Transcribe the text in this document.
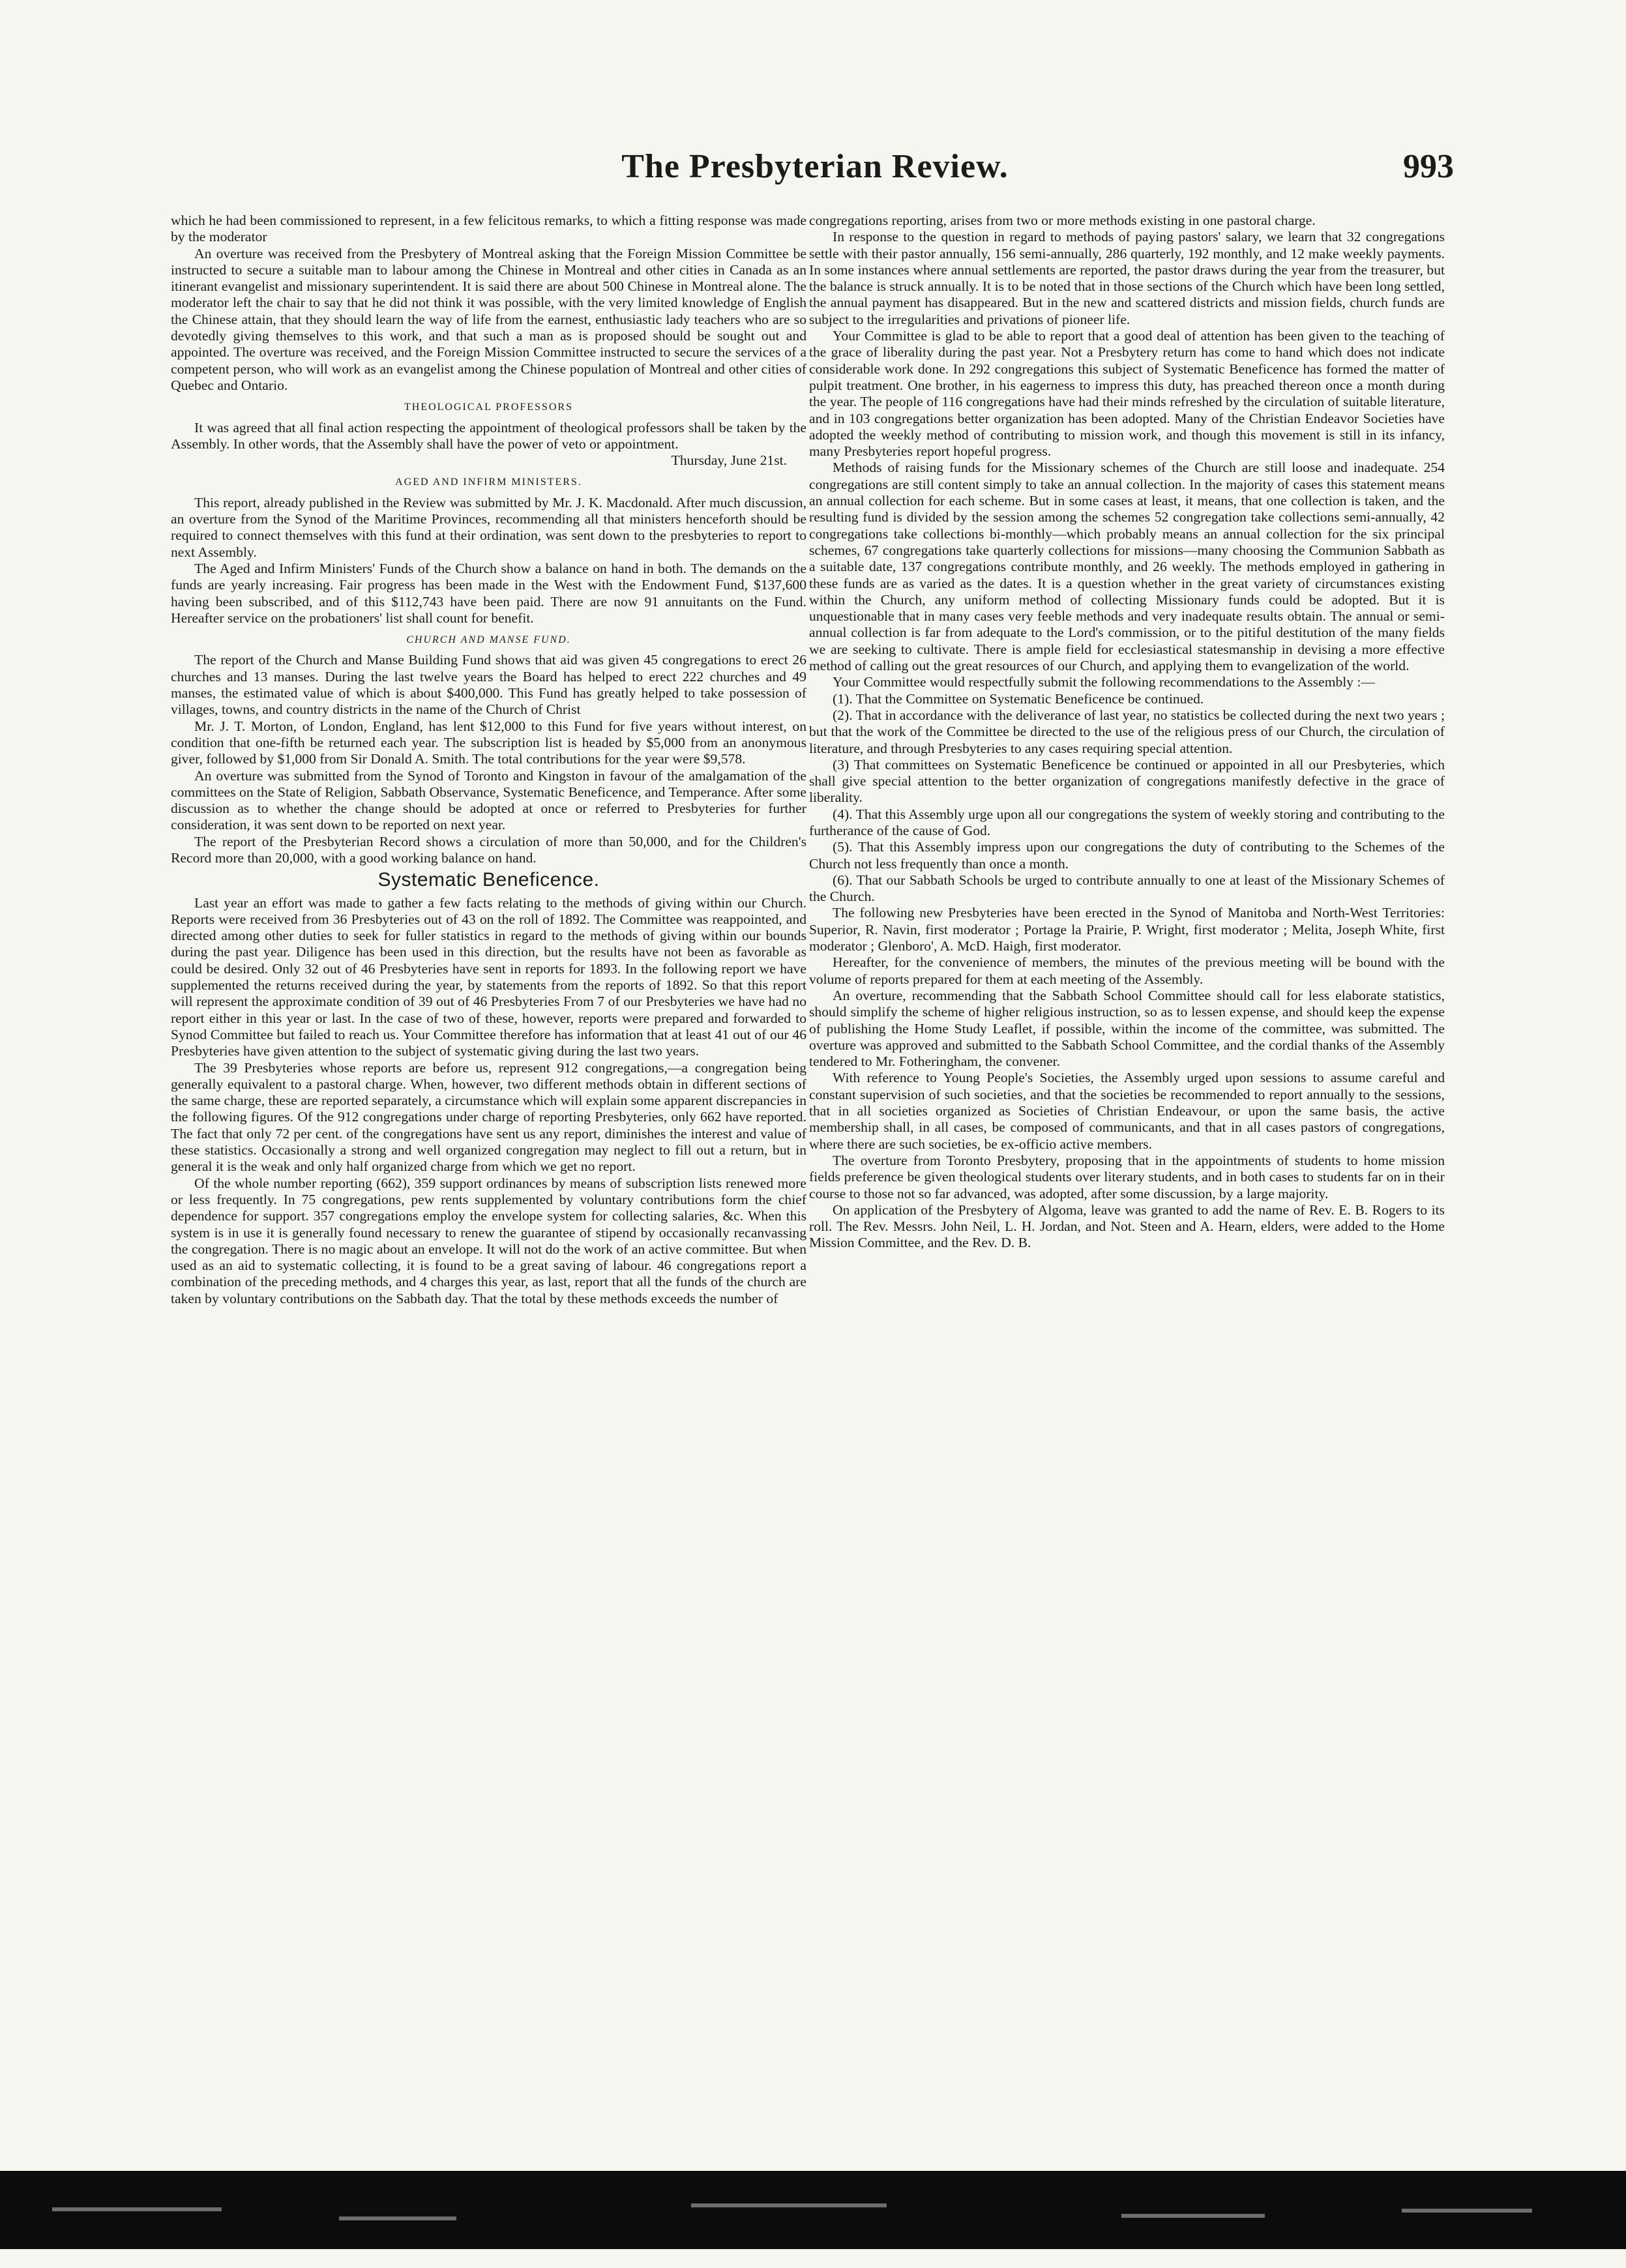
The Presbyterian Review.	993

which he had been commissioned to represent, in a few felicitous remarks, to which a fitting response was made by the moderator

An overture was received from the Presbytery of Montreal asking that the Foreign Mission Committee be instructed to secure a suitable man to labour among the Chinese in Montreal and other cities in Canada as an itinerant evangelist and missionary superintendent. It is said there are about 500 Chinese in Montreal alone. The moderator left the chair to say that he did not think it was possible, with the very limited knowledge of English the Chinese attain, that they should learn the way of life from the earnest, enthusiastic lady teachers who are so devotedly giving themselves to this work, and that such a man as is proposed should be sought out and appointed. The overture was received, and the Foreign Mission Committee instructed to secure the services of a competent person, who will work as an evangelist among the Chinese population of Montreal and other cities of Quebec and Ontario.

THEOLOGICAL PROFESSORS

It was agreed that all final action respecting the appointment of theological professors shall be taken by the Assembly. In other words, that the Assembly shall have the power of veto or appointment.

Thursday, June 21st.

AGED AND INFIRM MINISTERS.

This report, already published in the Review was submitted by Mr. J. K. Macdonald. After much discussion, an overture from the Synod of the Maritime Provinces, recommending all that ministers henceforth should be required to connect themselves with this fund at their ordination, was sent down to the presbyteries to report to next Assembly.

The Aged and Infirm Ministers' Funds of the Church show a balance on hand in both. The demands on the funds are yearly increasing. Fair progress has been made in the West with the Endowment Fund, $137,600 having been subscribed, and of this $112,743 have been paid. There are now 91 annuitants on the Fund. Hereafter service on the probationers' list shall count for benefit.

CHURCH AND MANSE FUND.

The report of the Church and Manse Building Fund shows that aid was given 45 congregations to erect 26 churches and 13 manses. During the last twelve years the Board has helped to erect 222 churches and 49 manses, the estimated value of which is about $400,000. This Fund has greatly helped to take possession of villages, towns, and country districts in the name of the Church of Christ

Mr. J. T. Morton, of London, England, has lent $12,000 to this Fund for five years without interest, on condition that one-fifth be returned each year. The subscription list is headed by $5,000 from an anonymous giver, followed by $1,000 from Sir Donald A. Smith. The total contributions for the year were $9,578.

An overture was submitted from the Synod of Toronto and Kingston in favour of the amalgamation of the committees on the State of Religion, Sabbath Observance, Systematic Beneficence, and Temperance. After some discussion as to whether the change should be adopted at once or referred to Presbyteries for further consideration, it was sent down to be reported on next year.

The report of the Presbyterian Record shows a circulation of more than 50,000, and for the Children's Record more than 20,000, with a good working balance on hand.

Systematic Beneficence.

Last year an effort was made to gather a few facts relating to the methods of giving within our Church. Reports were received from 36 Presbyteries out of 43 on the roll of 1892. The Committee was reappointed, and directed among other duties to seek for fuller statistics in regard to the methods of giving within our bounds during the past year. Diligence has been used in this direction, but the results have not been as favorable as could be desired. Only 32 out of 46 Presbyteries have sent in reports for 1893. In the following report we have supplemented the returns received during the year, by statements from the reports of 1892. So that this report will represent the approximate condition of 39 out of 46 Presbyteries From 7 of our Presbyteries we have had no report either in this year or last. In the case of two of these, however, reports were prepared and forwarded to Synod Committee but failed to reach us. Your Committee therefore has information that at least 41 out of our 46 Presbyteries have given attention to the subject of systematic giving during the last two years.

The 39 Presbyteries whose reports are before us, represent 912 congregations,—a congregation being generally equivalent to a pastoral charge. When, however, two different methods obtain in different sections of the same charge, these are reported separately, a circumstance which will explain some apparent discrepancies in the following figures. Of the 912 congregations under charge of reporting Presbyteries, only 662 have reported. The fact that only 72 per cent. of the congregations have sent us any report, diminishes the interest and value of these statistics. Occasionally a strong and well organized congregation may neglect to fill out a return, but in general it is the weak and only half organized charge from which we get no report.

Of the whole number reporting (662), 359 support ordinances by means of subscription lists renewed more or less frequently. In 75 congregations, pew rents supplemented by voluntary contributions form the chief dependence for support. 357 congregations employ the envelope system for collecting salaries, &c. When this system is in use it is generally found necessary to renew the guarantee of stipend by occasionally recanvassing the congregation. There is no magic about an envelope. It will not do the work of an active committee. But when used as an aid to systematic collecting, it is found to be a great saving of labour. 46 congregations report a combination of the preceding methods, and 4 charges this year, as last, report that all the funds of the church are taken by voluntary contributions on the Sabbath day. That the total by these methods exceeds the number of

congregations reporting, arises from two or more methods existing in one pastoral charge.

In response to the question in regard to methods of paying pastors' salary, we learn that 32 congregations settle with their pastor annually, 156 semi-annually, 286 quarterly, 192 monthly, and 12 make weekly payments. In some instances where annual settlements are reported, the pastor draws during the year from the treasurer, but the balance is struck annually. It is to be noted that in those sections of the Church which have been long settled, the annual payment has disappeared. But in the new and scattered districts and mission fields, church funds are subject to the irregularities and privations of pioneer life.

Your Committee is glad to be able to report that a good deal of attention has been given to the teaching of the grace of liberality during the past year. Not a Presbytery return has come to hand which does not indicate considerable work done. In 292 congregations this subject of Systematic Beneficence has formed the matter of pulpit treatment. One brother, in his eagerness to impress this duty, has preached thereon once a month during the year. The people of 116 congregations have had their minds refreshed by the circulation of suitable literature, and in 103 congregations better organization has been adopted. Many of the Christian Endeavor Societies have adopted the weekly method of contributing to mission work, and though this movement is still in its infancy, many Presbyteries report hopeful progress.

Methods of raising funds for the Missionary schemes of the Church are still loose and inadequate. 254 congregations are still content simply to take an annual collection. In the majority of cases this statement means an annual collection for each scheme. But in some cases at least, it means, that one collection is taken, and the resulting fund is divided by the session among the schemes 52 congregation take collections semi-annually, 42 congregations take collections bi-monthly—which probably means an annual collection for the six principal schemes, 67 congregations take quarterly collections for missions—many choosing the Communion Sabbath as a suitable date, 137 congregations contribute monthly, and 26 weekly. The methods employed in gathering in these funds are as varied as the dates. It is a question whether in the great variety of circumstances existing within the Church, any uniform method of collecting Missionary funds could be adopted. But it is unquestionable that in many cases very feeble methods and very inadequate results obtain. The annual or semi-annual collection is far from adequate to the Lord's commission, or to the pitiful destitution of the many fields we are seeking to cultivate. There is ample field for ecclesiastical statesmanship in devising a more effective method of calling out the great resources of our Church, and applying them to evangelization of the world.

Your Committee would respectfully submit the following recommendations to the Assembly :—

(1). That the Committee on Systematic Beneficence be continued.

(2). That in accordance with the deliverance of last year, no statistics be collected during the next two years ; but that the work of the Committee be directed to the use of the religious press of our Church, the circulation of literature, and through Presbyteries to any cases requiring special attention.

(3) That committees on Systematic Beneficence be continued or appointed in all our Presbyteries, which shall give special attention to the better organization of congregations manifestly defective in the grace of liberality.

(4). That this Assembly urge upon all our congregations the system of weekly storing and contributing to the furtherance of the cause of God.

(5). That this Assembly impress upon our congregations the duty of contributing to the Schemes of the Church not less frequently than once a month.

(6). That our Sabbath Schools be urged to contribute annually to one at least of the Missionary Schemes of the Church.

The following new Presbyteries have been erected in the Synod of Manitoba and North-West Territories: Superior, R. Navin, first moderator ; Portage la Prairie, P. Wright, first moderator ; Melita, Joseph White, first moderator ; Glenboro', A. McD. Haigh, first moderator.

Hereafter, for the convenience of members, the minutes of the previous meeting will be bound with the volume of reports prepared for them at each meeting of the Assembly.

An overture, recommending that the Sabbath School Committee should call for less elaborate statistics, should simplify the scheme of higher religious instruction, so as to lessen expense, and should keep the expense of publishing the Home Study Leaflet, if possible, within the income of the committee, was submitted. The overture was approved and submitted to the Sabbath School Committee, and the cordial thanks of the Assembly tendered to Mr. Fotheringham, the convener.

With reference to Young People's Societies, the Assembly urged upon sessions to assume careful and constant supervision of such societies, and that the societies be recommended to report annually to the sessions, that in all societies organized as Societies of Christian Endeavour, or upon the same basis, the active membership shall, in all cases, be composed of communicants, and that in all cases pastors of congregations, where there are such societies, be ex-officio active members.

The overture from Toronto Presbytery, proposing that in the appointments of students to home mission fields preference be given theological students over literary students, and in both cases to students far on in their course to those not so far advanced, was adopted, after some discussion, by a large majority.

On application of the Presbytery of Algoma, leave was granted to add the name of Rev. E. B. Rogers to its roll. The Rev. Messrs. John Neil, L. H. Jordan, and Not. Steen and A. Hearn, elders, were added to the Home Mission Committee, and the Rev. D. B.
